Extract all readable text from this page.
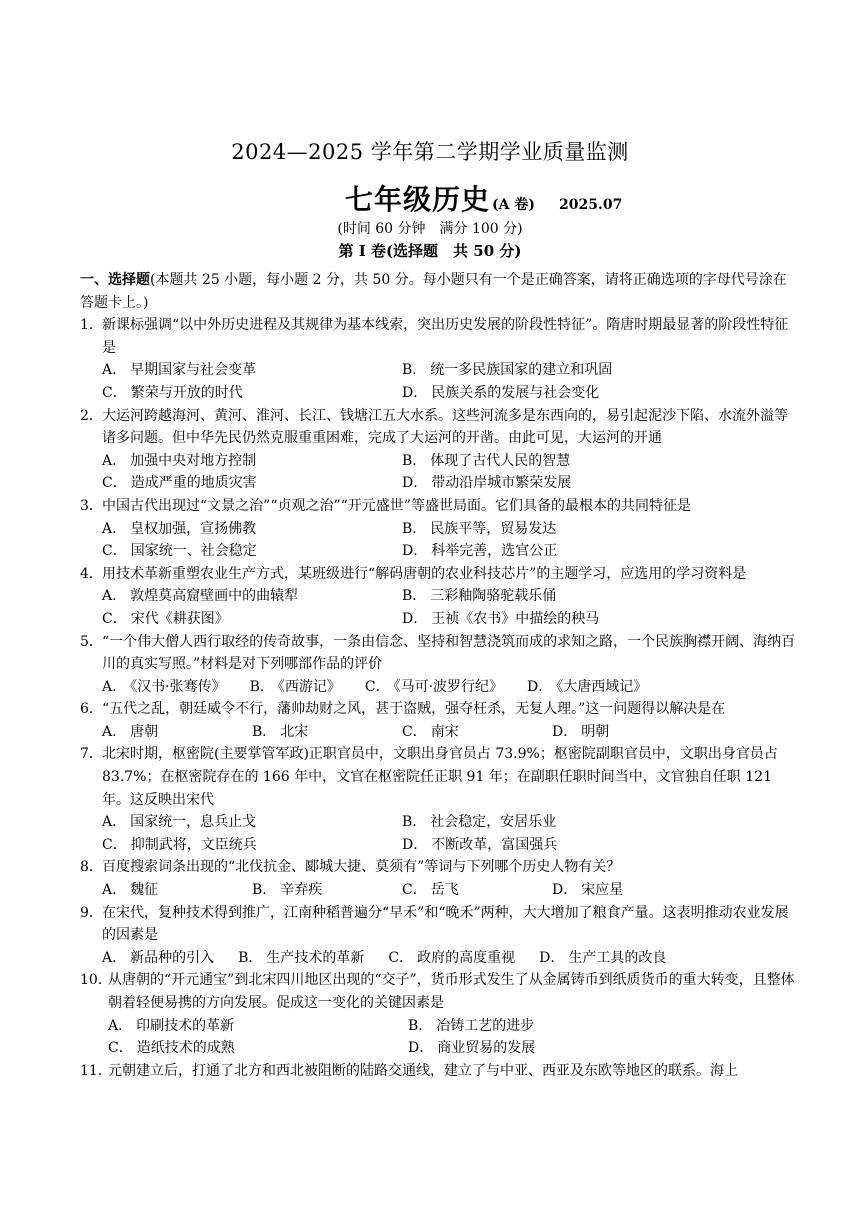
2024—2025 学年第二学期学业质量监测
七年级历史 (A 卷) 2025.07
(时间 60 分钟　满分 100 分)
第 I 卷(选择题　共 50 分)
一、选择题(本题共 25 小题，每小题 2 分，共 50 分。每小题只有一个是正确答案，请将正确选项的字母代号涂在答题卡上。)
1．新课标强调“以中外历史进程及其规律为基本线索，突出历史发展的阶段性特征”。隋唐时期最显著的阶段性特征是
A． 早期国家与社会变革	B． 统一多民族国家的建立和巩固
C． 繁荣与开放的时代	D． 民族关系的发展与社会变化
2．大运河跨越海河、黄河、淮河、长江、钱塘江五大水系。这些河流多是东西向的，易引起泥沙下陷、水流外溢等诸多问题。但中华先民仍然克服重重困难，完成了大运河的开凿。由此可见，大运河的开通
A． 加强中央对地方控制	B． 体现了古代人民的智慧
C． 造成严重的地质灾害	D． 带动沿岸城市繁荣发展
3．中国古代出现过“文景之治”“贞观之治”“开元盛世”等盛世局面。它们具备的最根本的共同特征是
A． 皇权加强，宣扬佛教	B． 民族平等，贸易发达
C． 国家统一、社会稳定	D． 科举完善，选官公正
4．用技术革新重塑农业生产方式，某班级进行“解码唐朝的农业科技芯片”的主题学习，应选用的学习资料是
A． 敦煌莫高窟壁画中的曲辕犁	B． 三彩釉陶骆驼载乐俑
C． 宋代《耕获图》	D． 王祯《农书》中描绘的秧马
5．“一个伟大僧人西行取经的传奇故事，一条由信念、坚持和智慧浇筑而成的求知之路，一个民族胸襟开阔、海纳百川的真实写照。”材料是对下列哪部作品的评价
A． 《汉书·张骞传》 B． 《西游记》 C． 《马可·波罗行纪》 D． 《大唐西域记》
6．“五代之乱，朝廷威令不行，藩帅劫财之风，甚于盗贼，强夺枉杀，无复人理。”这一问题得以解决是在
A． 唐朝	B． 北宋	C． 南宋	D． 明朝
7．北宋时期，枢密院(主要掌管军政)正职官员中，文职出身官员占 73.9%；枢密院副职官员中，文职出身官员占 83.7%；在枢密院存在的 166 年中，文官在枢密院任正职 91 年；在副职任职时间当中，文官独自任职 121 年。这反映出宋代
A． 国家统一，息兵止戈	B． 社会稳定，安居乐业
C． 抑制武将，文臣统兵	D． 不断改革，富国强兵
8．百度搜索词条出现的“北伐抗金、郾城大捷、莫须有”等词与下列哪个历史人物有关？
A． 魏征	B． 辛弃疾	C． 岳飞	D． 宋应星
9．在宋代，复种技术得到推广，江南种稻普遍分“早禾”和“晚禾”两种，大大增加了粮食产量。这表明推动农业发展的因素是
A． 新品种的引入 B． 生产技术的革新 C． 政府的高度重视 D． 生产工具的改良
10．从唐朝的“开元通宝”到北宋四川地区出现的“交子”，货币形式发生了从金属铸币到纸质货币的重大转变，且整体朝着轻便易携的方向发展。促成这一变化的关键因素是
A． 印刷技术的革新	B． 冶铸工艺的进步
C． 造纸技术的成熟	D． 商业贸易的发展
11．元朝建立后，打通了北方和西北被阻断的陆路交通线，建立了与中亚、西亚及东欧等地区的联系。海上
